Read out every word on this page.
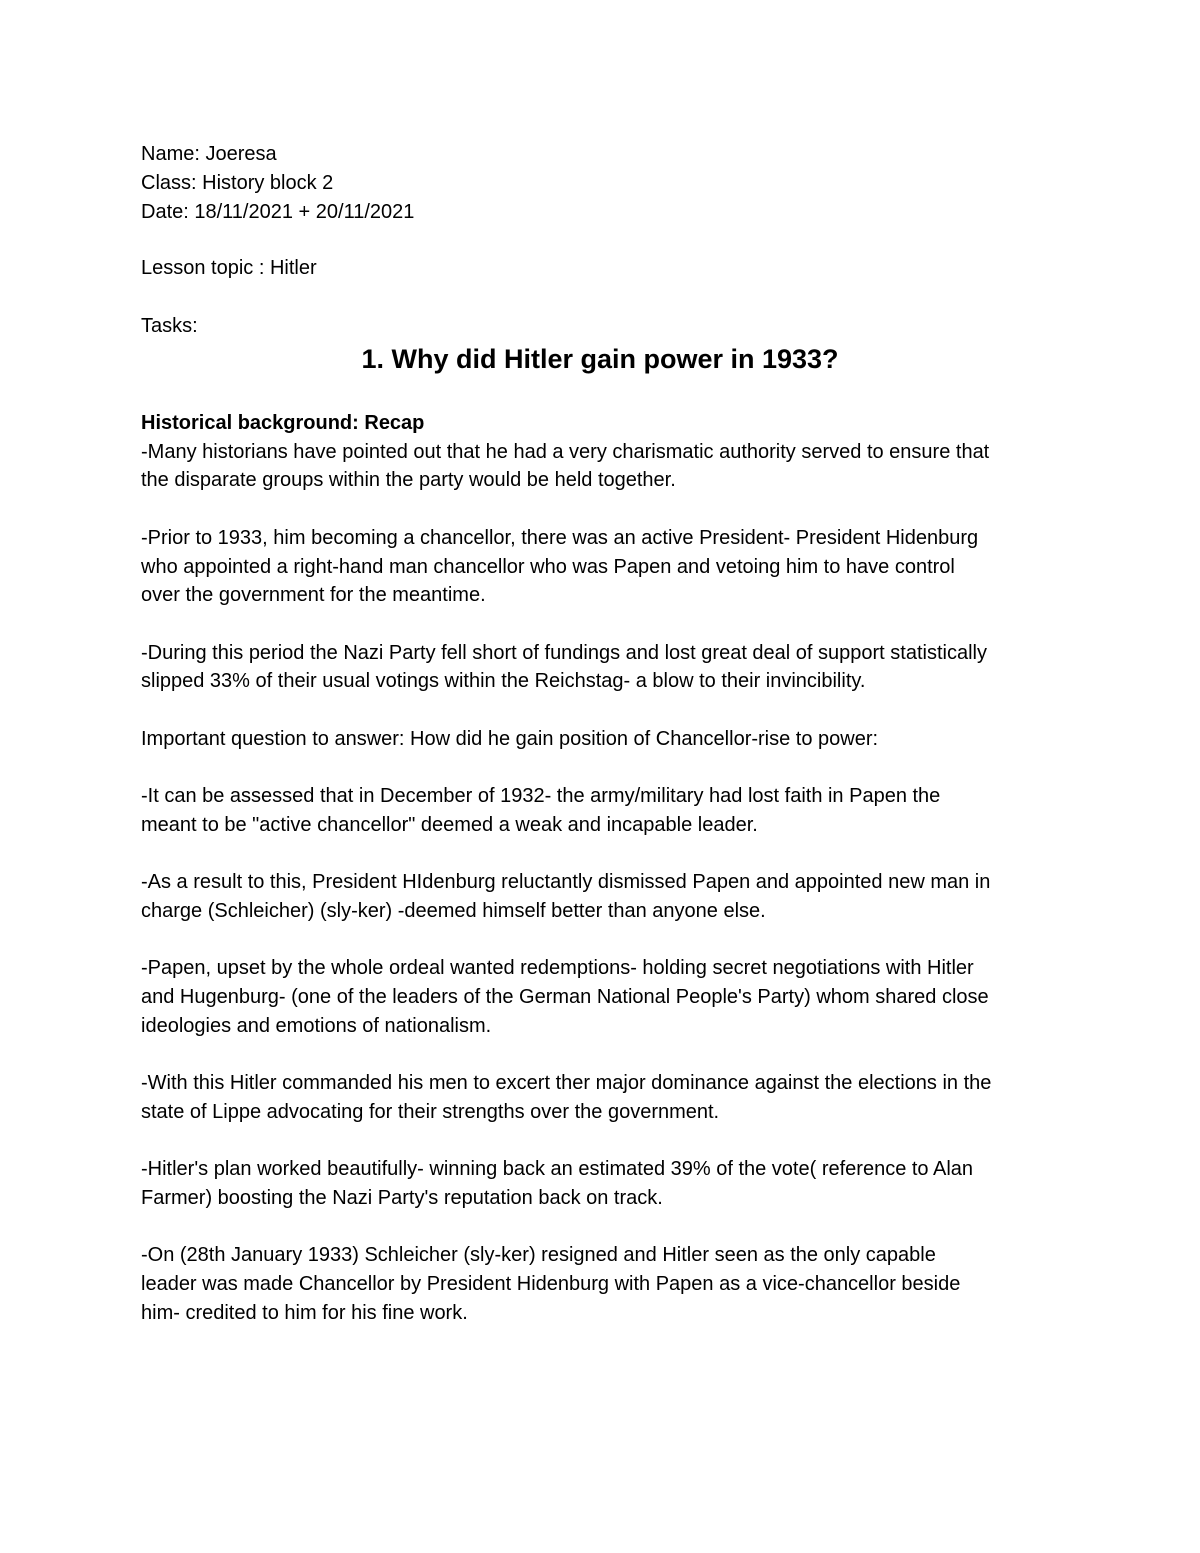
Name: Joeresa
Class: History block 2
Date: 18/11/2021 + 20/11/2021
Lesson topic : Hitler
Tasks:
1. Why did Hitler gain power in 1933?
Historical background: Recap

-Many historians have pointed out that he had a very charismatic authority served to ensure that
the disparate groups within the party would be held together.

-Prior to 1933, him becoming a chancellor, there was an active President- President Hidenburg
who appointed a right-hand man chancellor who was Papen and vetoing him to have control
over the government for the meantime.

-During this period the Nazi Party fell short of fundings and lost great deal of support statistically
slipped 33% of their usual votings within the Reichstag- a blow to their invincibility.

Important question to answer: How did he gain position of Chancellor-rise to power:

-It can be assessed that in December of 1932- the army/military had lost faith in Papen the
meant to be "active chancellor" deemed a weak and incapable leader.

-As a result to this, President HIdenburg reluctantly dismissed Papen and appointed new man in
charge (Schleicher) (sly-ker) -deemed himself better than anyone else.

-Papen, upset by the whole ordeal wanted redemptions- holding secret negotiations with Hitler
and Hugenburg- (one of the leaders of the German National People's Party) whom shared close
ideologies and emotions of nationalism.

-With this Hitler commanded his men to excert ther major dominance against the elections in the
state of Lippe advocating for their strengths over the government.

-Hitler's plan worked beautifully- winning back an estimated 39% of the vote( reference to Alan
Farmer) boosting the Nazi Party's reputation back on track.

-On (28th January 1933) Schleicher (sly-ker) resigned and Hitler seen as the only capable
leader was made Chancellor by President Hidenburg with Papen as a vice-chancellor beside
him- credited to him for his fine work.
